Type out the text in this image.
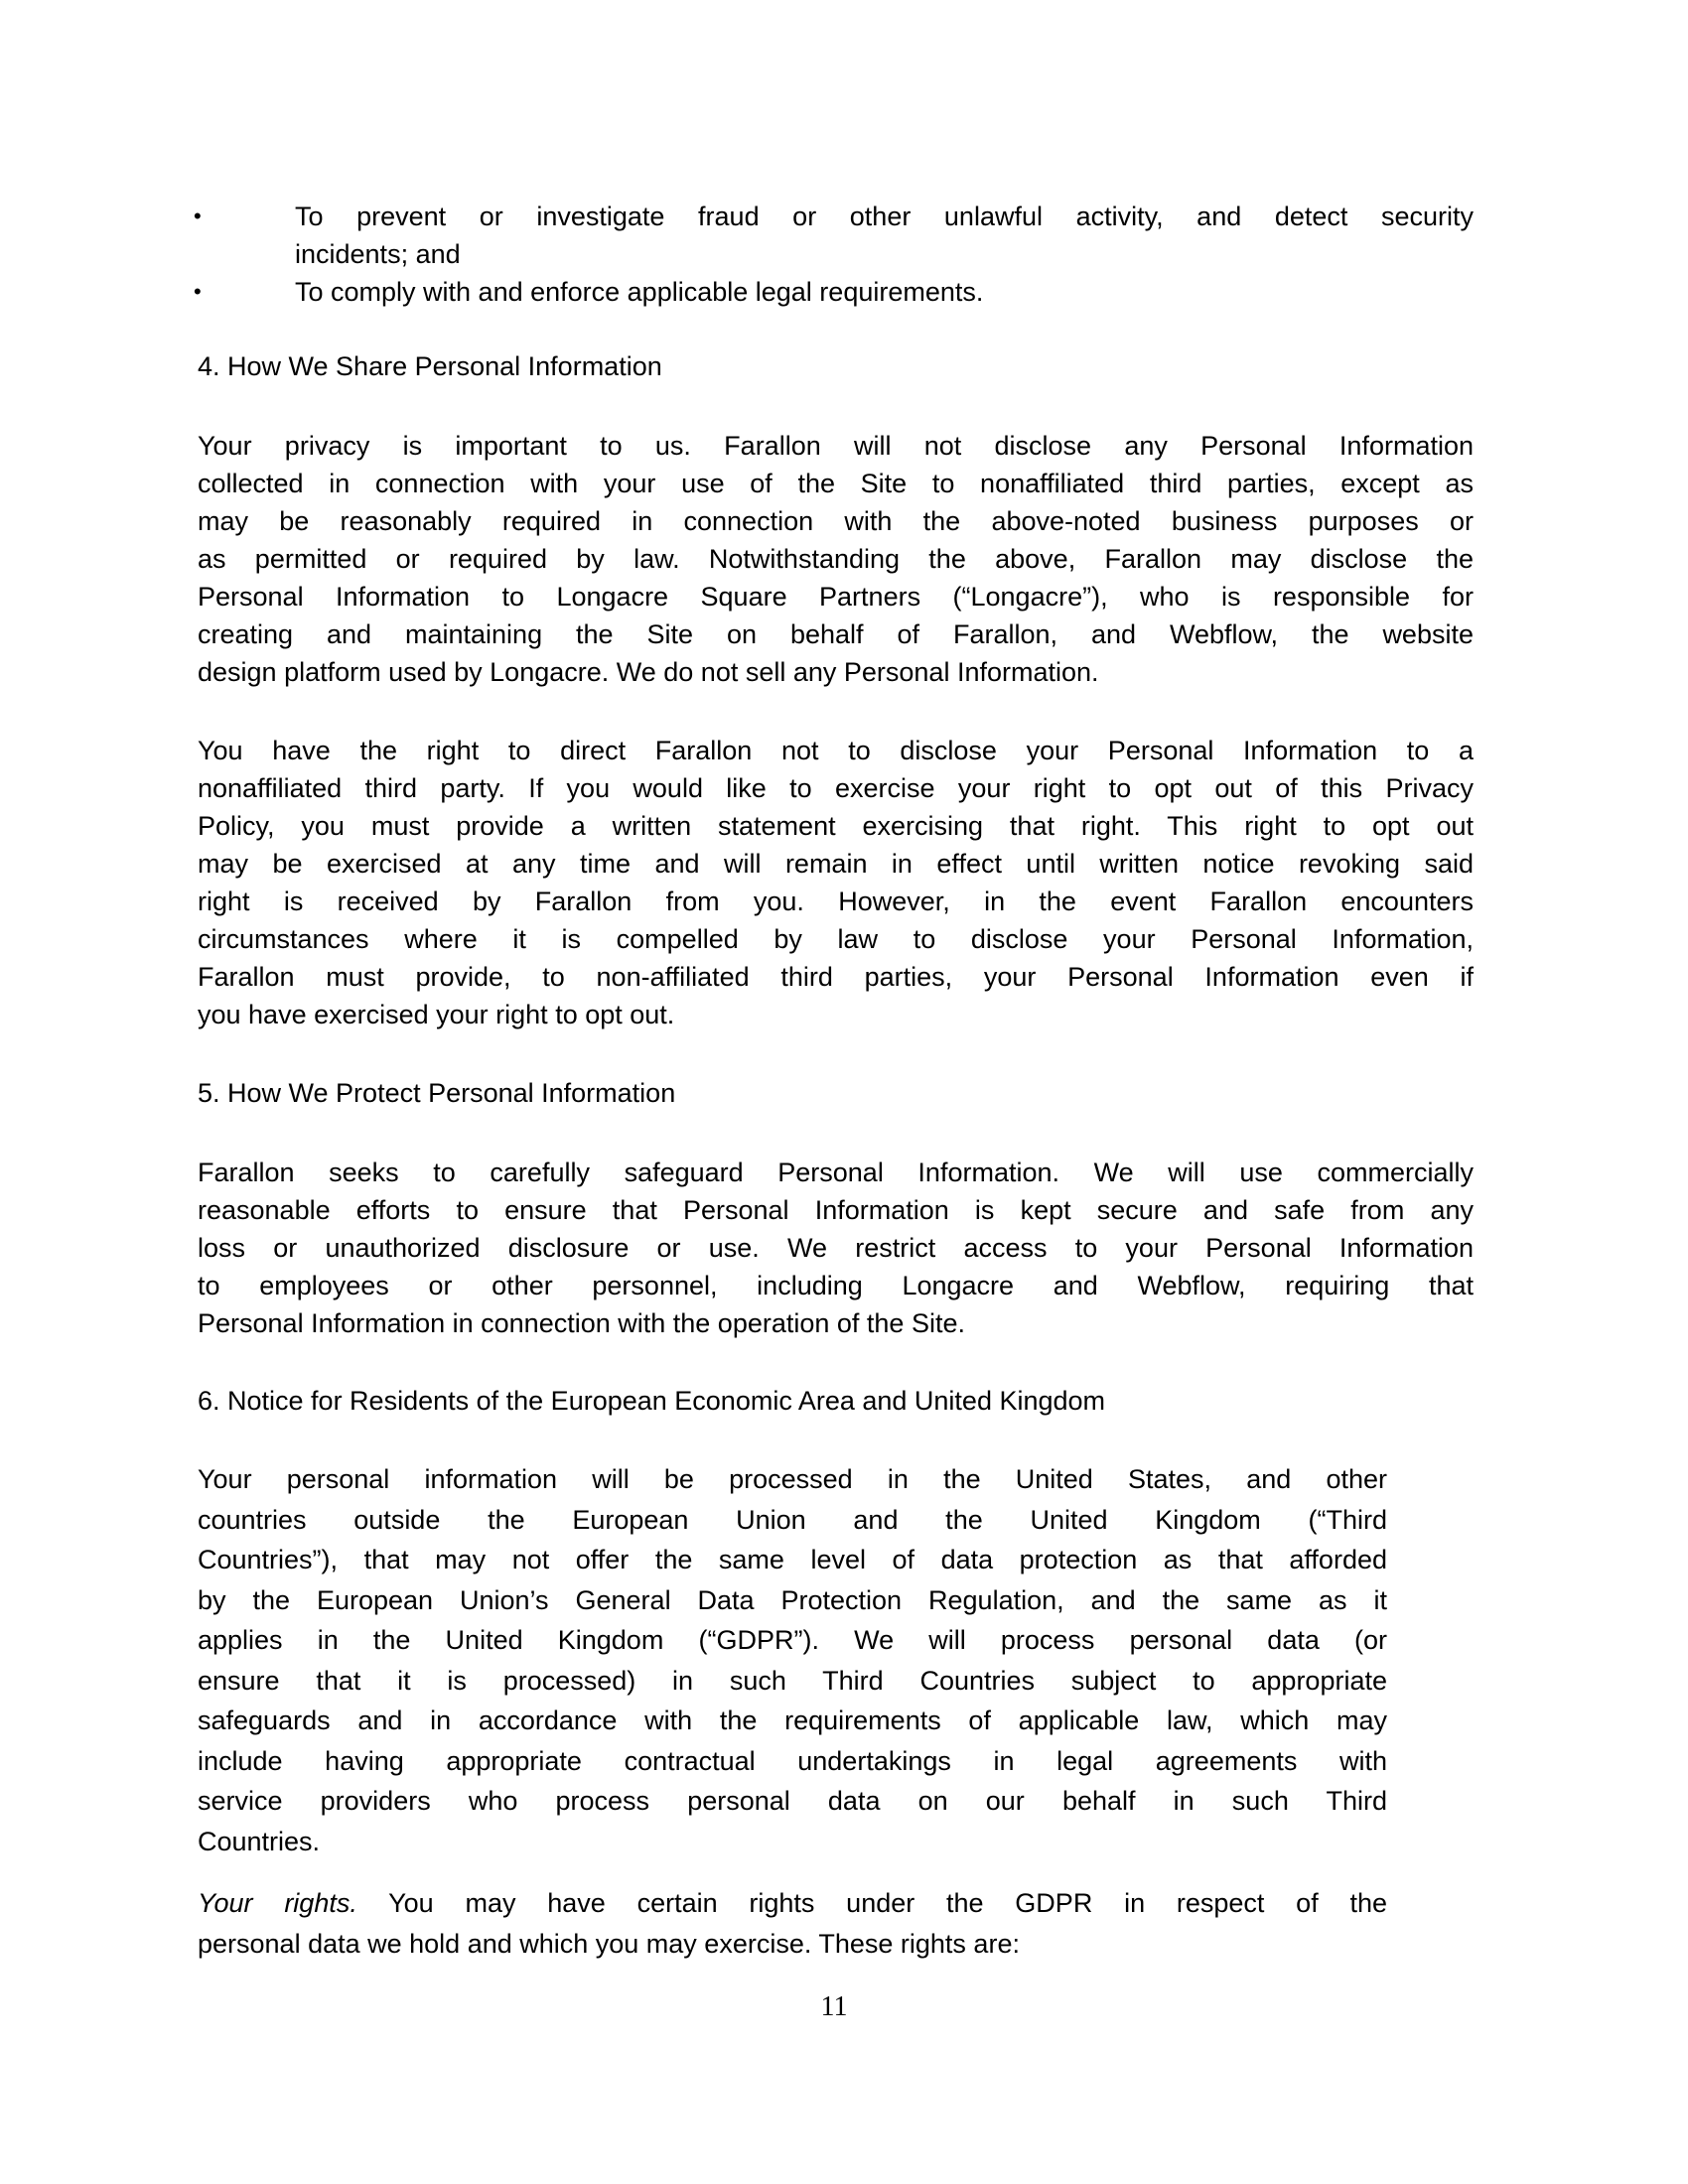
•	To prevent or investigate fraud or other unlawful activity, and detect security
incidents; and
•	To comply with and enforce applicable legal requirements.
4. How We Share Personal Information
Your privacy is important to us. Farallon will not disclose any Personal Information
collected in connection with your use of the Site to nonaffiliated third parties, except as
may be reasonably required in connection with the above-noted business purposes or
as permitted or required by law. Notwithstanding the above, Farallon may disclose the
Personal Information to Longacre Square Partners (“Longacre”), who is responsible for
creating and maintaining the Site on behalf of Farallon, and Webflow, the website
design platform used by Longacre. We do not sell any Personal Information.
You have the right to direct Farallon not to disclose your Personal Information to a
nonaffiliated third party. If you would like to exercise your right to opt out of this Privacy
Policy, you must provide a written statement exercising that right. This right to opt out
may be exercised at any time and will remain in effect until written notice revoking said
right is received by Farallon from you. However, in the event Farallon encounters
circumstances where it is compelled by law to disclose your Personal Information,
Farallon must provide, to non-affiliated third parties, your Personal Information even if
you have exercised your right to opt out.
5. How We Protect Personal Information
Farallon seeks to carefully safeguard Personal Information. We will use commercially
reasonable efforts to ensure that Personal Information is kept secure and safe from any
loss or unauthorized disclosure or use. We restrict access to your Personal Information
to employees or other personnel, including Longacre and Webflow, requiring that
Personal Information in connection with the operation of the Site.
6. Notice for Residents of the European Economic Area and United Kingdom
Your personal information will be processed in the United States, and other
countries outside the European Union and the United Kingdom (“Third
Countries”), that may not offer the same level of data protection as that afforded
by the European Union’s General Data Protection Regulation, and the same as it
applies in the United Kingdom (“GDPR”). We will process personal data (or
ensure that it is processed) in such Third Countries subject to appropriate
safeguards and in accordance with the requirements of applicable law, which may
include having appropriate contractual undertakings in legal agreements with
service providers who process personal data on our behalf in such Third
Countries.
Your rights. You may have certain rights under the GDPR in respect of the
personal data we hold and which you may exercise. These rights are:
11
